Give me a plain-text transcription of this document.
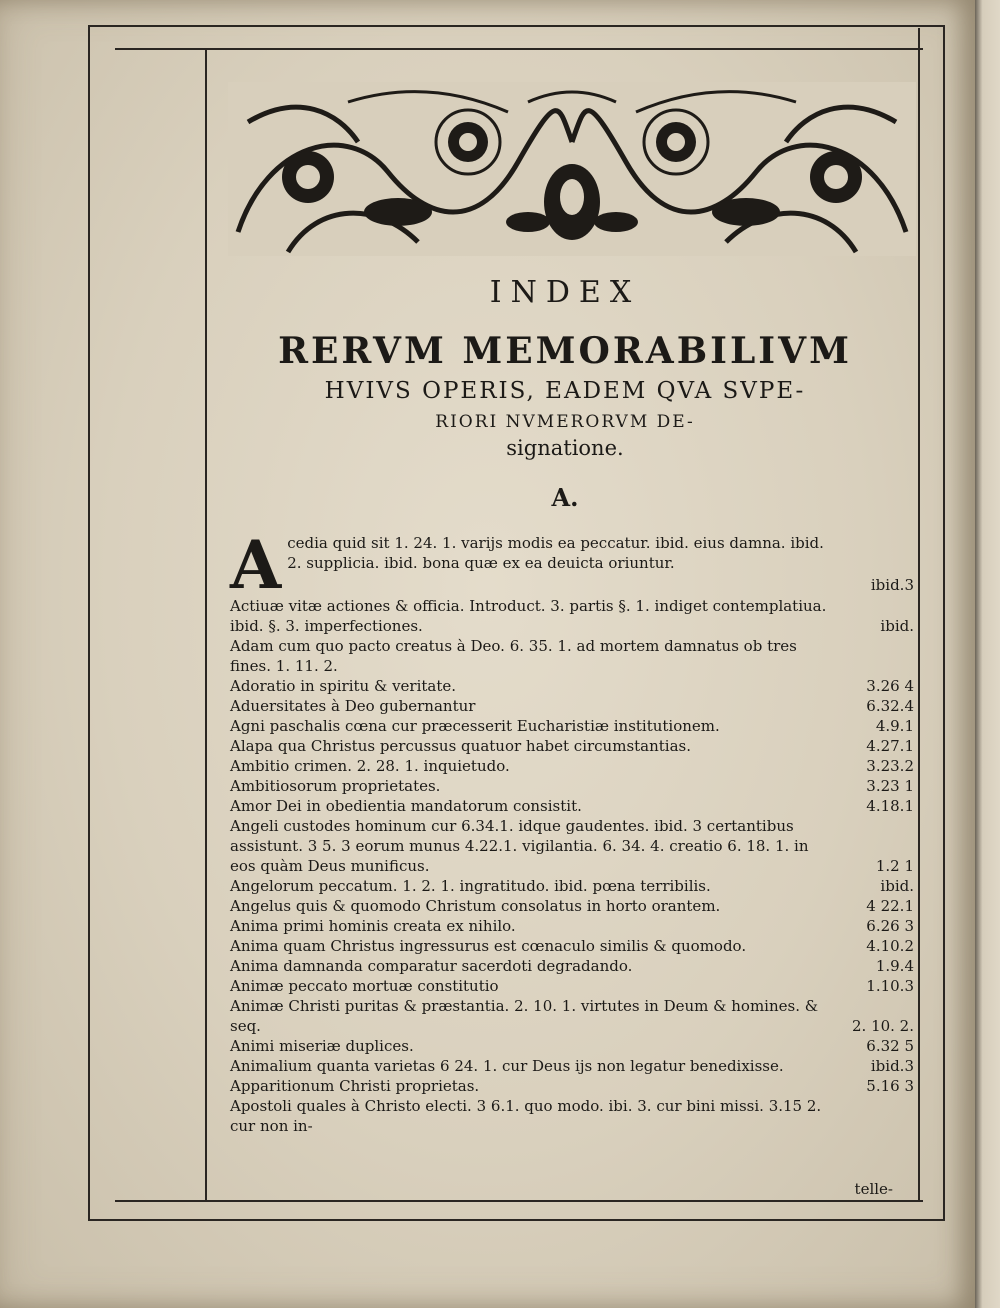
INDEX
RERVM MEMORABILIVM
HVIVS OPERIS, EADEM QVA SVPE-
RIORI NVMERORVM DE-
signatione.
A.
A cedia quid sit 1. 24. 1. varijs modis ea peccatur. ibid. eius damna. ibid. 2. supplicia. ibid. bona quæ ex ea deuicta oriuntur.
ibid.3
Actiuæ vitæ actiones & officia. Introduct. 3. partis §. 1. indiget contemplatiua. ibid. §. 3. imperfectiones.	ibid.
Adam cum quo pacto creatus à Deo. 6. 35. 1. ad mortem damnatus ob tres fines. 1. 11. 2.
Adoratio in spiritu & veritate.	3.26 4
Aduersitates à Deo gubernantur	6.32.4
Agni paschalis cœna cur præcesserit Eucharistiæ institutionem.	4.9.1
Alapa qua Christus percussus quatuor habet circumstantias.	4.27.1
Ambitio crimen. 2. 28. 1. inquietudo.	3.23.2
Ambitiosorum proprietates.	3.23 1
Amor Dei in obedientia mandatorum consistit.	4.18.1
Angeli custodes hominum cur 6.34.1. idque gaudentes. ibid. 3 certantibus assistunt. 3 5. 3 eorum munus 4.22.1. vigilantia. 6. 34. 4. creatio 6. 18. 1. in eos quàm Deus munificus.	1.2 1
Angelorum peccatum. 1. 2. 1. ingratitudo. ibid. pœna terribilis.	ibid.
Angelus quis & quomodo Christum consolatus in horto orantem.	4 22.1
Anima primi hominis creata ex nihilo.	6.26 3
Anima quam Christus ingressurus est cœnaculo similis & quomodo.	4.10.2
Anima damnanda comparatur sacerdoti degradando.	1.9.4
Animæ peccato mortuæ constitutio	1.10.3
Animæ Christi puritas & præstantia. 2. 10. 1. virtutes in Deum & homines. & seq.	2. 10. 2.
Animi miseriæ duplices.	6.32 5
Animalium quanta varietas 6 24. 1. cur Deus ijs non legatur benedixisse.	ibid.3
Apparitionum Christi proprietas.	5.16 3
Apostoli quales à Christo electi. 3 6.1. quo modo. ibi. 3. cur bini missi. 3.15 2. cur non in-
telle-
